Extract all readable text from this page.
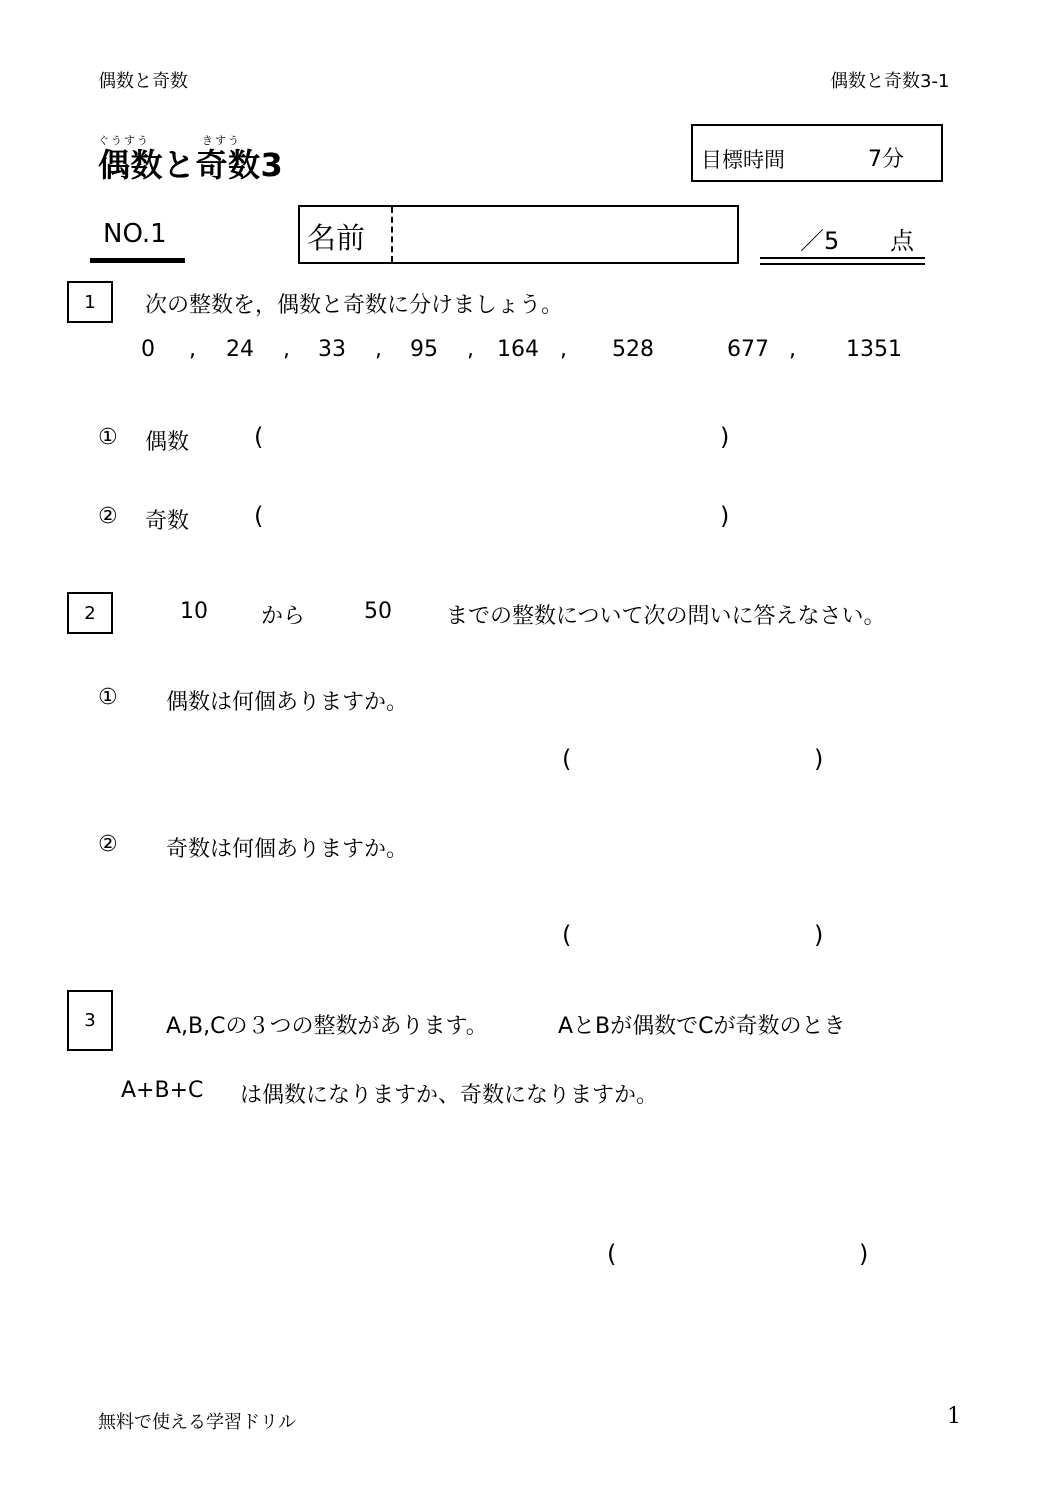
偶数と奇数	偶数と奇数3-1
ぐうすう	きすう
偶数と奇数3	目標時間	7分
NO.1	名前	／5 点
1	次の整数を，偶数と奇数に分けましょう。
0 , 24 , 33 , 95 , 164 , 528	677 , 1351
① 偶数	(	)
② 奇数	(	)
2	10 から	50 までの整数について次の問いに答えなさい。
① 偶数は何個ありますか。
(	)
② 奇数は何個ありますか。
(	)
3	A,B,Cの３つの整数があります。	AとBが偶数でCが奇数のとき
A+B+C は偶数になりますか、奇数になりますか。
(	)
無料で使える学習ドリル	1
